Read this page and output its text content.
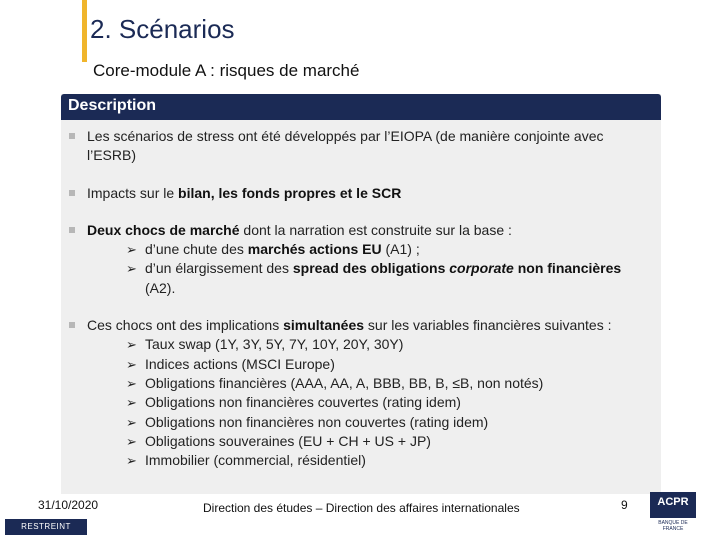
2. Scénarios
Core-module A : risques de marché
Description
Les scénarios de stress ont été développés par l’EIOPA (de manière conjointe avec l’ESRB)
Impacts sur le bilan, les fonds propres et le SCR
Deux chocs de marché dont la narration est construite sur la base :
➢ d’une chute des marchés actions EU (A1) ;
➢ d’un élargissement des spread des obligations corporate non financières (A2).
Ces chocs ont des implications simultanées sur les variables financières suivantes :
➢ Taux swap (1Y, 3Y, 5Y, 7Y, 10Y, 20Y, 30Y)
➢ Indices actions (MSCI Europe)
➢ Obligations financières (AAA, AA, A, BBB, BB, B, ≤B, non notés)
➢ Obligations non financières couvertes (rating idem)
➢ Obligations non financières non couvertes (rating idem)
➢ Obligations souveraines (EU + CH + US + JP)
➢ Immobilier (commercial, résidentiel)
31/10/2020	Direction des études – Direction des affaires internationales	9
RESTREINT
ACPR
BANQUE DE FRANCE
